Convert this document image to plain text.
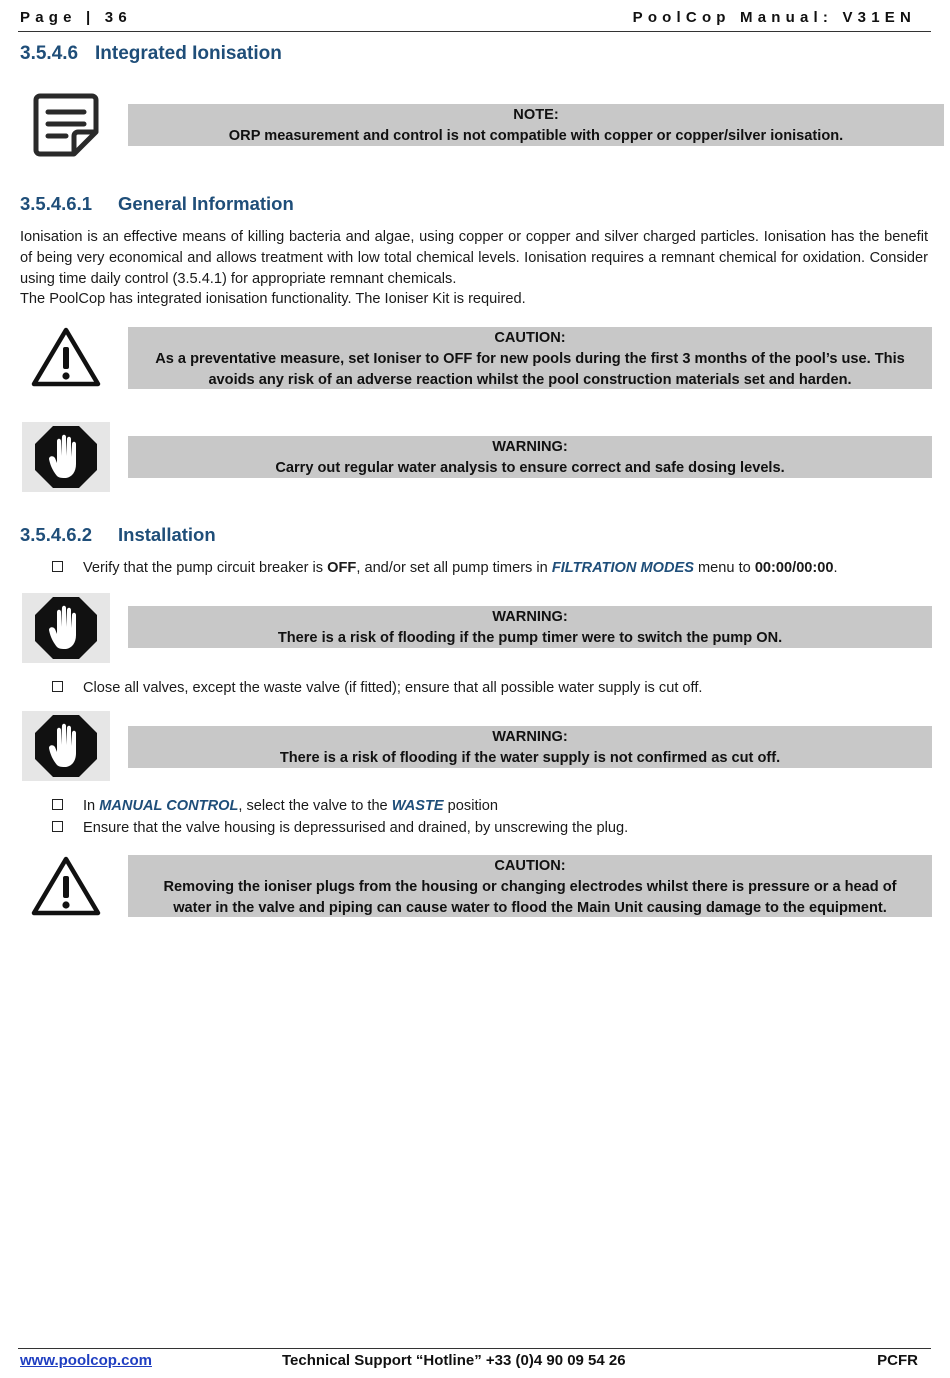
Page | 36	PoolCop Manual: V31EN
3.5.4.6 Integrated Ionisation
NOTE:
ORP measurement and control is not compatible with copper or copper/silver ionisation.
3.5.4.6.1 General Information
Ionisation is an effective means of killing bacteria and algae, using copper or copper and silver charged particles. Ionisation has the benefit of being very economical and allows treatment with low total chemical levels. Ionisation requires a remnant chemical for oxidation. Consider using time daily control (3.5.4.1) for appropriate remnant chemicals.
The PoolCop has integrated ionisation functionality. The Ioniser Kit is required.
CAUTION:
As a preventative measure, set Ioniser to OFF for new pools during the first 3 months of the pool’s use. This
avoids any risk of an adverse reaction whilst the pool construction materials set and harden.
WARNING:
Carry out regular water analysis to ensure correct and safe dosing levels.
3.5.4.6.2 Installation
Verify that the pump circuit breaker is OFF, and/or set all pump timers in FILTRATION MODES menu to 00:00/00:00.
WARNING:
There is a risk of flooding if the pump timer were to switch the pump ON.
Close all valves, except the waste valve (if fitted); ensure that all possible water supply is cut off.
WARNING:
There is a risk of flooding if the water supply is not confirmed as cut off.
In MANUAL CONTROL, select the valve to the WASTE position
Ensure that the valve housing is depressurised and drained, by unscrewing the plug.
CAUTION:
Removing the ioniser plugs from the housing or changing electrodes whilst there is pressure or a head of
water in the valve and piping can cause water to flood the Main Unit causing damage to the equipment.
www.poolcop.com	Technical Support “Hotline” +33 (0)4 90 09 54 26	PCFR
